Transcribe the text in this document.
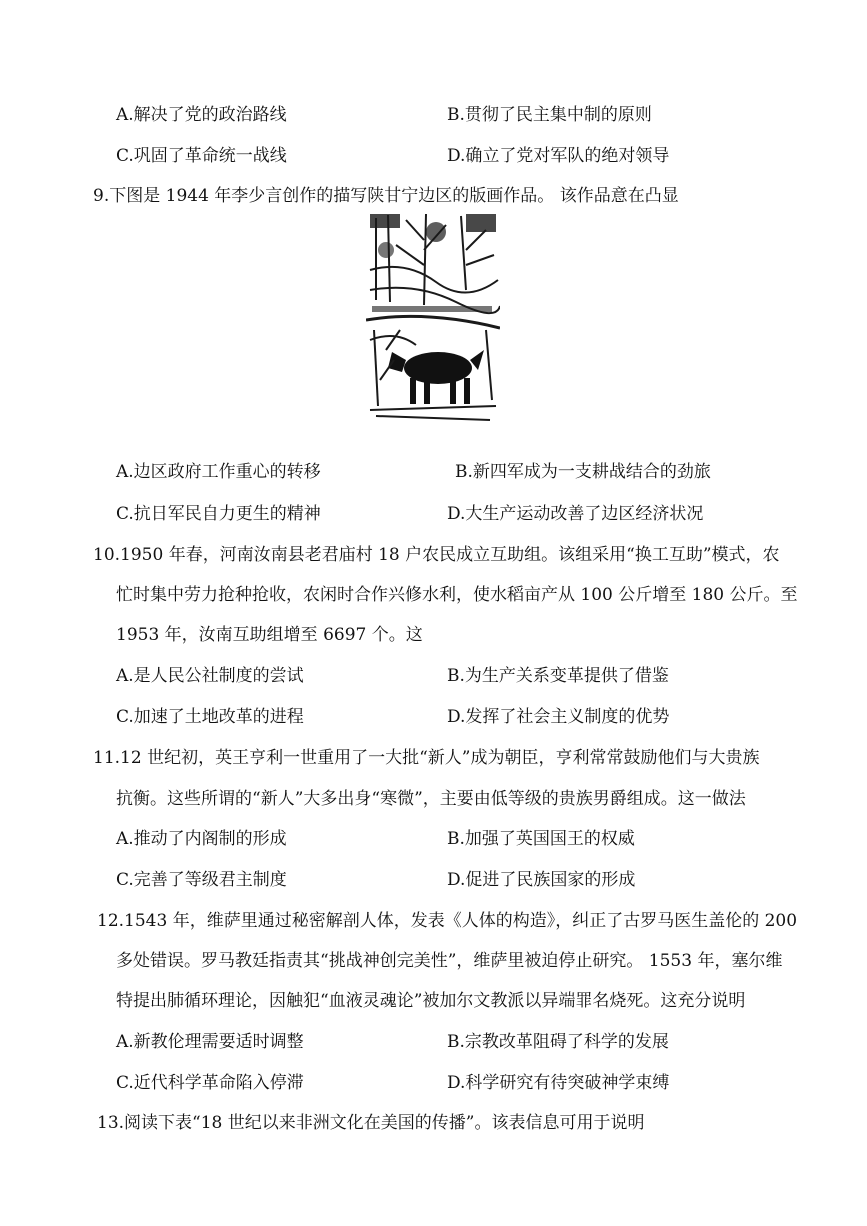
A.解决了党的政治路线	B.贯彻了民主集中制的原则
C.巩固了革命统一战线	D.确立了党对军队的绝对领导
9.下图是 1944 年李少言创作的描写陕甘宁边区的版画作品。 该作品意在凸显
A.边区政府工作重心的转移	B.新四军成为一支耕战结合的劲旅
C.抗日军民自力更生的精神	D.大生产运动改善了边区经济状况
10.1950 年春，河南汝南县老君庙村 18 户农民成立互助组。该组采用“换工互助”模式，农
忙时集中劳力抢种抢收，农闲时合作兴修水利，使水稻亩产从 100 公斤增至 180 公斤。至
1953 年，汝南互助组增至 6697 个。这
A.是人民公社制度的尝试	B.为生产关系变革提供了借鉴
C.加速了土地改革的进程	D.发挥了社会主义制度的优势
11.12 世纪初，英王亨利一世重用了一大批“新人”成为朝臣，亨利常常鼓励他们与大贵族
抗衡。这些所谓的“新人”大多出身“寒微”，主要由低等级的贵族男爵组成。这一做法
A.推动了内阁制的形成	B.加强了英国国王的权威
C.完善了等级君主制度	D.促进了民族国家的形成
12.1543 年，维萨里通过秘密解剖人体，发表《人体的构造》，纠正了古罗马医生盖伦的 200
多处错误。罗马教廷指责其“挑战神创完美性”，维萨里被迫停止研究。 1553 年，塞尔维
特提出肺循环理论，因触犯“血液灵魂论”被加尔文教派以异端罪名烧死。这充分说明
A.新教伦理需要适时调整	B.宗教改革阻碍了科学的发展
C.近代科学革命陷入停滞	D.科学研究有待突破神学束缚
13.阅读下表“18 世纪以来非洲文化在美国的传播”。该表信息可用于说明
